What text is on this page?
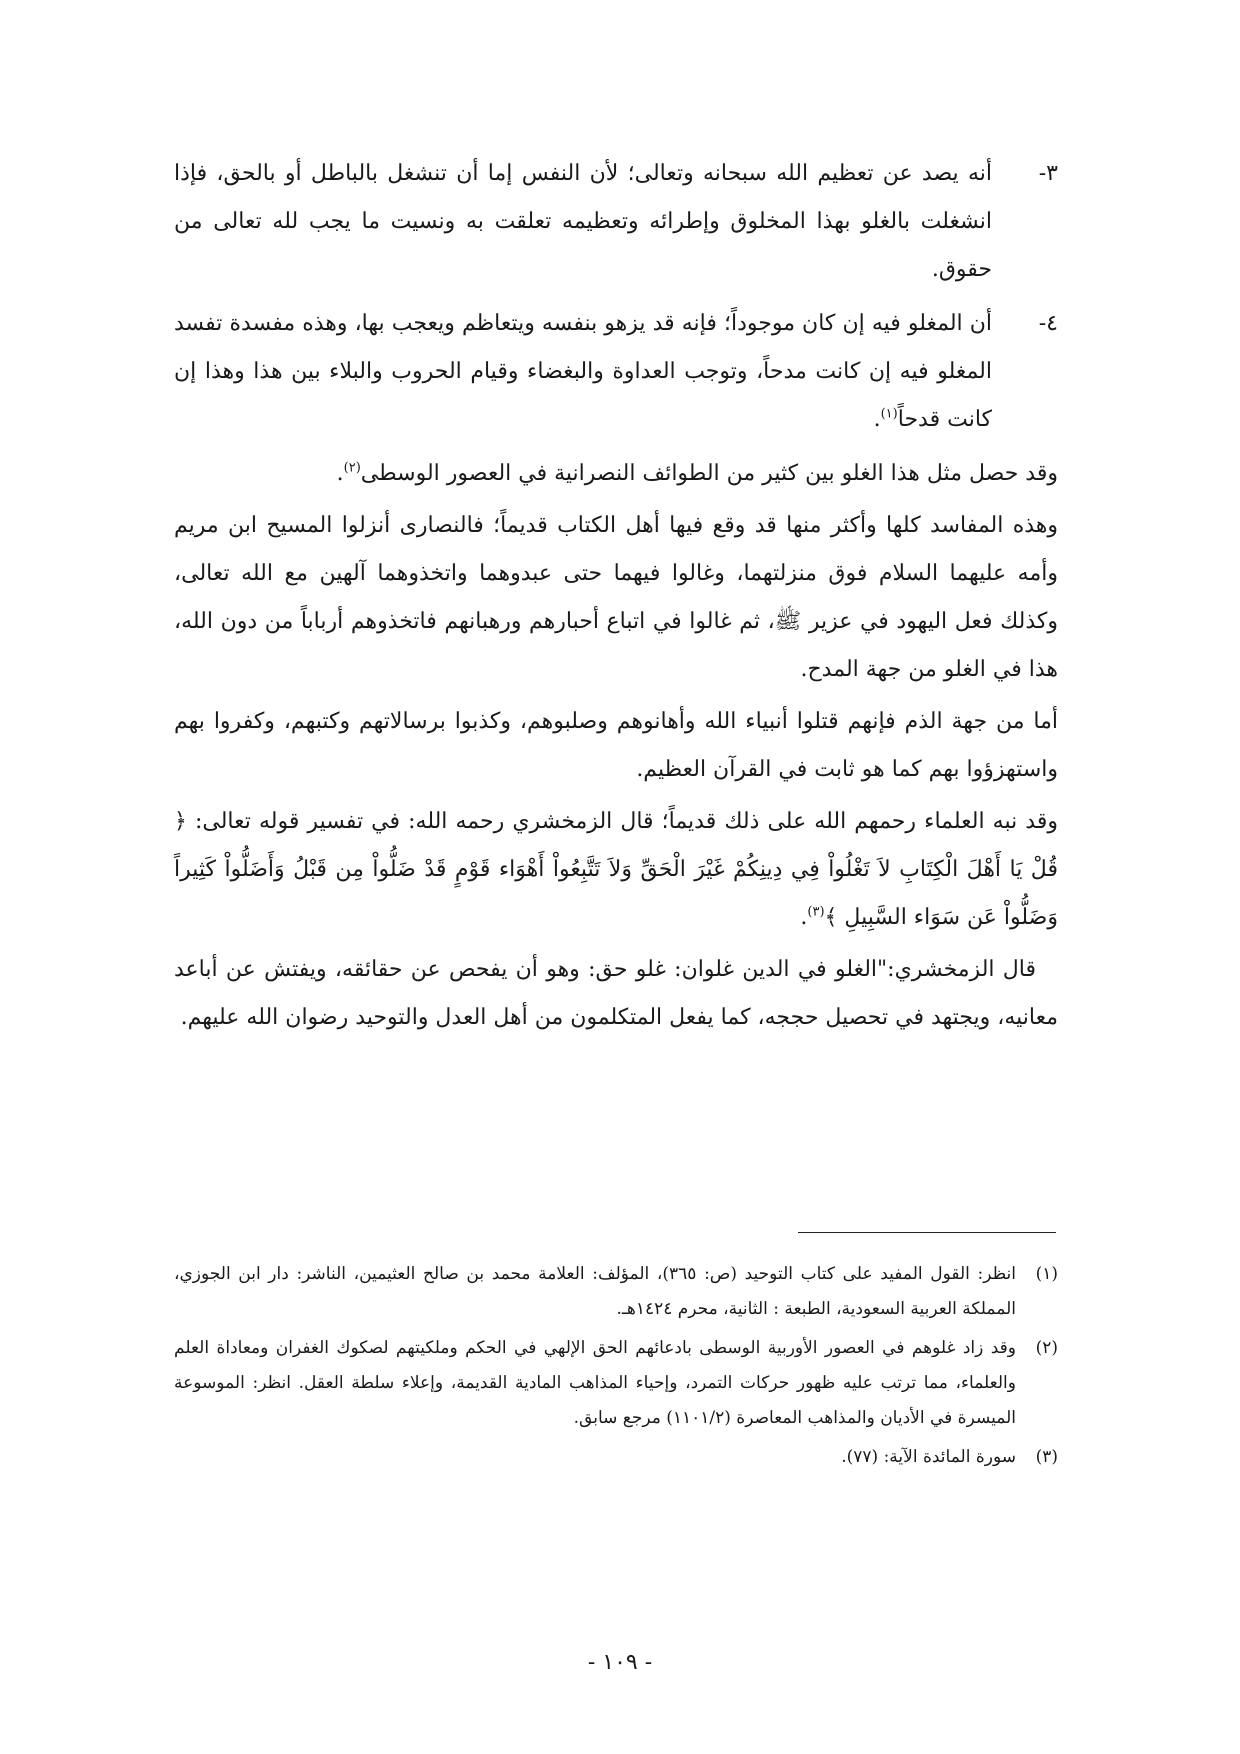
٣-
أنه يصد عن تعظيم الله سبحانه وتعالى؛ لأن النفس إما أن تنشغل بالباطل أو بالحق، فإذا انشغلت بالغلو بهذا المخلوق وإطرائه وتعظيمه تعلقت به ونسيت ما يجب لله تعالى من حقوق.
٤-
أن المغلو فيه إن كان موجوداً؛ فإنه قد يزهو بنفسه ويتعاظم ويعجب بها، وهذه مفسدة تفسد المغلو فيه إن كانت مدحاً، وتوجب العداوة والبغضاء وقيام الحروب والبلاء بين هذا وهذا إن كانت قدحاً$^{(١)}$.

وقد حصل مثل هذا الغلو بين كثير من الطوائف النصرانية في العصور الوسطى$^{(٢)}$.

وهذه المفاسد كلها وأكثر منها قد وقع فيها أهل الكتاب قديماً؛ فالنصارى أنزلوا المسيح ابن مريم وأمه عليهما السلام فوق منزلتهما، وغالوا فيهما حتى عبدوهما واتخذوهما آلهين مع الله تعالى، وكذلك فعل اليهود في عزير ﷺ، ثم غالوا في اتباع أحبارهم ورهبانهم فاتخذوهم أرباباً من دون الله، هذا في الغلو من جهة المدح.

أما من جهة الذم فإنهم قتلوا أنبياء الله وأهانوهم وصلبوهم، وكذبوا برسالاتهم وكتبهم، وكفروا بهم واستهزؤوا بهم كما هو ثابت في القرآن العظيم.

وقد نبه العلماء رحمهم الله على ذلك قديماً؛ قال الزمخشري رحمه الله: في تفسير قوله تعالى: ﴿ قُلْ يَا أَهْلَ الْكِتَابِ لاَ تَغْلُواْ فِي دِينِكُمْ غَيْرَ الْحَقِّ وَلاَ تَتَّبِعُواْ أَهْوَاء قَوْمٍ قَدْ ضَلُّواْ مِن قَبْلُ وَأَضَلُّواْ كَثِيراً وَضَلُّواْ عَن سَوَاء السَّبِيلِ ﴾$^{(٣)}$.

قال الزمخشري:"الغلو في الدين غلوان: غلو حق: وهو أن يفحص عن حقائقه، ويفتش عن أباعد معانيه، ويجتهد في تحصيل حججه، كما يفعل المتكلمون من أهل العدل والتوحيد رضوان الله عليهم.

(١)
انظر: القول المفيد على كتاب التوحيد (ص: ٣٦٥)، المؤلف: العلامة محمد بن صالح العثيمين، الناشر: دار ابن الجوزي، المملكة العربية السعودية، الطبعة : الثانية، محرم ١٤٢٤هـ.
(٢)
وقد زاد غلوهم في العصور الأوربية الوسطى بادعائهم الحق الإلهي في الحكم وملكيتهم لصكوك الغفران ومعاداة العلم والعلماء، مما ترتب عليه ظهور حركات التمرد، وإحياء المذاهب المادية القديمة، وإعلاء سلطة العقل. انظر: الموسوعة الميسرة في الأديان والمذاهب المعاصرة (١١٠١/٢) مرجع سابق.
(٣)
سورة المائدة الآية: (٧٧).
- ١٠٩ -
